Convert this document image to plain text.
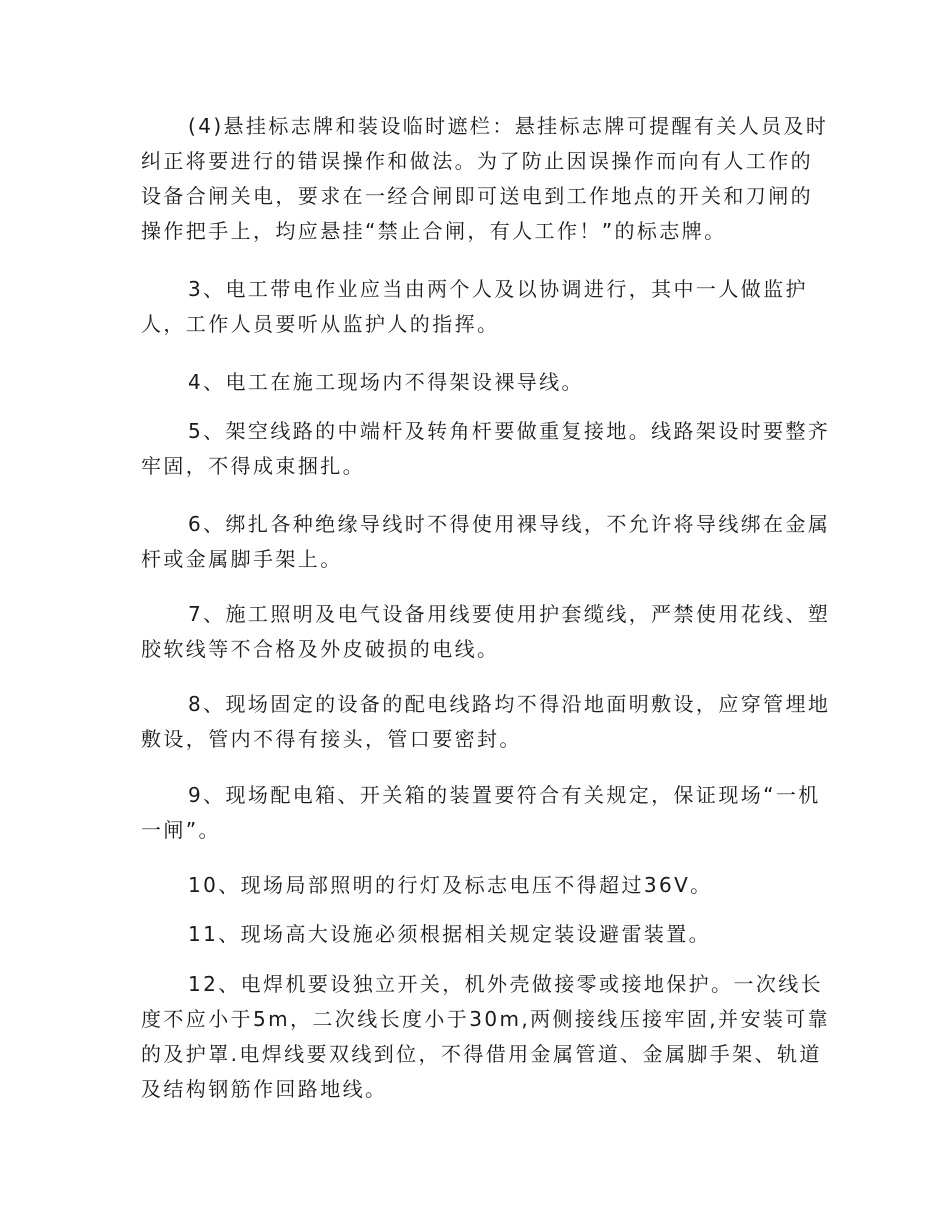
(4)悬挂标志牌和装设临时遮栏：悬挂标志牌可提醒有关人员及时
纠正将要进行的错误操作和做法。为了防止因误操作而向有人工作的
设备合闸关电，要求在一经合闸即可送电到工作地点的开关和刀闸的
操作把手上，均应悬挂“禁止合闸，有人工作！”的标志牌。

3、电工带电作业应当由两个人及以协调进行，其中一人做监护
人，工作人员要听从监护人的指挥。

4、电工在施工现场内不得架设裸导线。

5、架空线路的中端杆及转角杆要做重复接地。线路架设时要整齐
牢固，不得成束捆扎。

6、绑扎各种绝缘导线时不得使用裸导线，不允许将导线绑在金属
杆或金属脚手架上。

7、施工照明及电气设备用线要使用护套缆线，严禁使用花线、塑
胶软线等不合格及外皮破损的电线。

8、现场固定的设备的配电线路均不得沿地面明敷设，应穿管埋地
敷设，管内不得有接头，管口要密封。

9、现场配电箱、开关箱的装置要符合有关规定，保证现场“一机
一闸”。

10、现场局部照明的行灯及标志电压不得超过36V。

11、现场高大设施必须根据相关规定装设避雷装置。

12、电焊机要设独立开关，机外壳做接零或接地保护。一次线长
度不应小于5m，二次线长度小于30m,两侧接线压接牢固,并安装可靠
的及护罩.电焊线要双线到位，不得借用金属管道、金属脚手架、轨道
及结构钢筋作回路地线。
